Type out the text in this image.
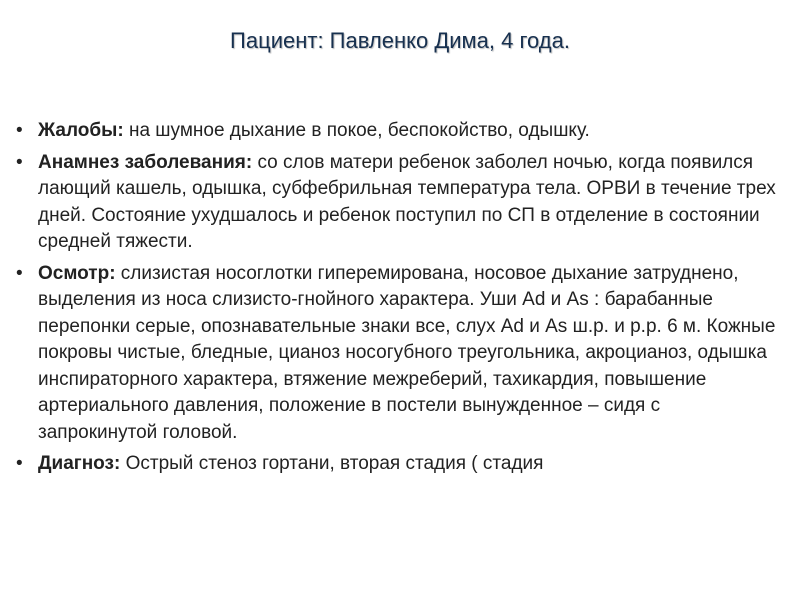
Пациент: Павленко Дима, 4 года.
• Жалобы: на шумное дыхание в покое, беспокойство, одышку.
• Анамнез заболевания: со слов матери ребенок заболел ночью, когда появился лающий кашель, одышка, субфебрильная температура тела. ОРВИ в течение трех дней. Состояние ухудшалось и ребенок поступил по СП в отделение в состоянии средней тяжести.
• Осмотр: слизистая носоглотки гиперемирована, носовое дыхание затруднено, выделения из носа слизисто-гнойного характера. Уши Ad и As : барабанные перепонки серые, опознавательные знаки все, слух Ad и As ш.р. и р.р. 6 м. Кожные покровы чистые, бледные, цианоз носогубного треугольника, акроцианоз, одышка инспираторного характера, втяжение межреберий, тахикардия, повышение артериального давления, положение в постели вынужденное – сидя с запрокинутой головой.
• Диагноз: Острый стеноз гортани, вторая стадия ( стадия
